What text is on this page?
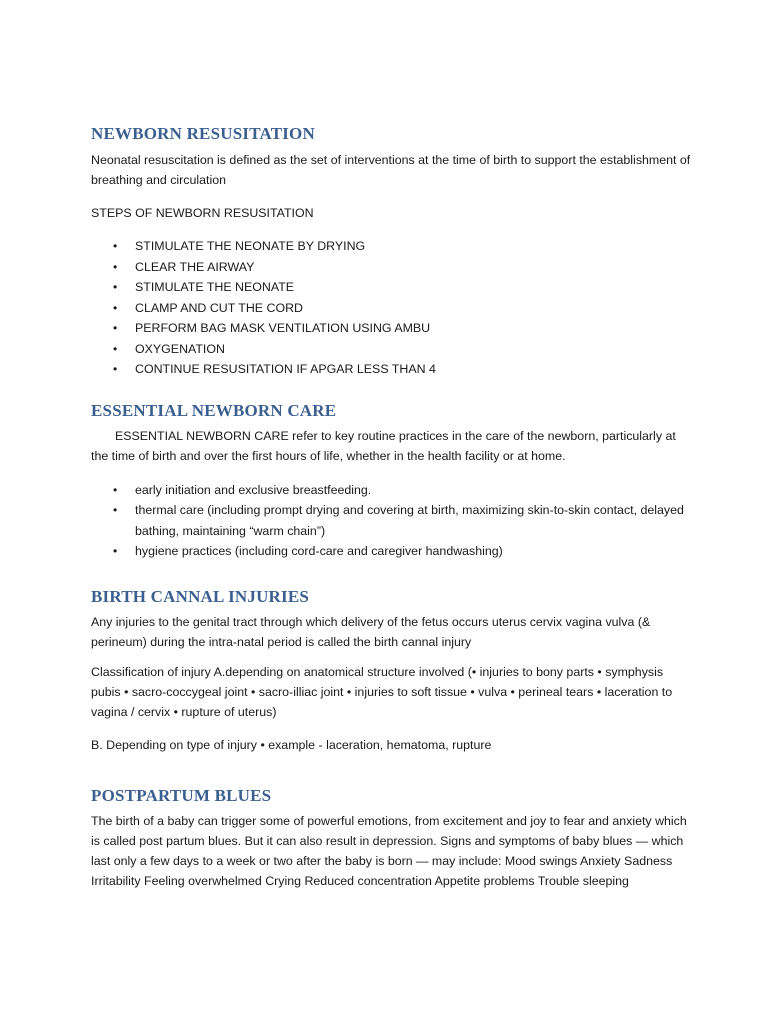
NEWBORN RESUSITATION

Neonatal resuscitation is defined as the set of interventions at the time of birth to support the establishment of breathing and circulation

STEPS OF NEWBORN RESUSITATION

• STIMULATE THE NEONATE BY DRYING
• CLEAR THE AIRWAY
• STIMULATE THE NEONATE
• CLAMP AND CUT THE CORD
• PERFORM BAG MASK VENTILATION USING AMBU
• OXYGENATION
• CONTINUE RESUSITATION IF APGAR LESS THAN 4
ESSENTIAL NEWBORN CARE

ESSENTIAL NEWBORN CARE refer to key routine practices in the care of the newborn, particularly at the time of birth and over the first hours of life, whether in the health facility or at home.

• early initiation and exclusive breastfeeding.
• thermal care (including prompt drying and covering at birth, maximizing skin-to-skin contact, delayed bathing, maintaining “warm chain”)
• hygiene practices (including cord-care and caregiver handwashing)
BIRTH CANNAL INJURIES

Any injuries to the genital tract through which delivery of the fetus occurs uterus cervix vagina vulva (& perineum) during the intra-natal period is called the birth cannal injury

Classification of injury A.depending on anatomical structure involved (• injuries to bony parts • symphysis pubis • sacro-coccygeal joint • sacro-illiac joint • injuries to soft tissue • vulva • perineal tears • laceration to vagina / cervix • rupture of uterus)

B. Depending on type of injury • example - laceration, hematoma, rupture

POSTPARTUM BLUES

The birth of a baby can trigger some of powerful emotions, from excitement and joy to fear and anxiety which is called post partum blues. But it can also result in depression. Signs and symptoms of baby blues — which last only a few days to a week or two after the baby is born — may include: Mood swings Anxiety Sadness Irritability Feeling overwhelmed Crying Reduced concentration Appetite problems Trouble sleeping
